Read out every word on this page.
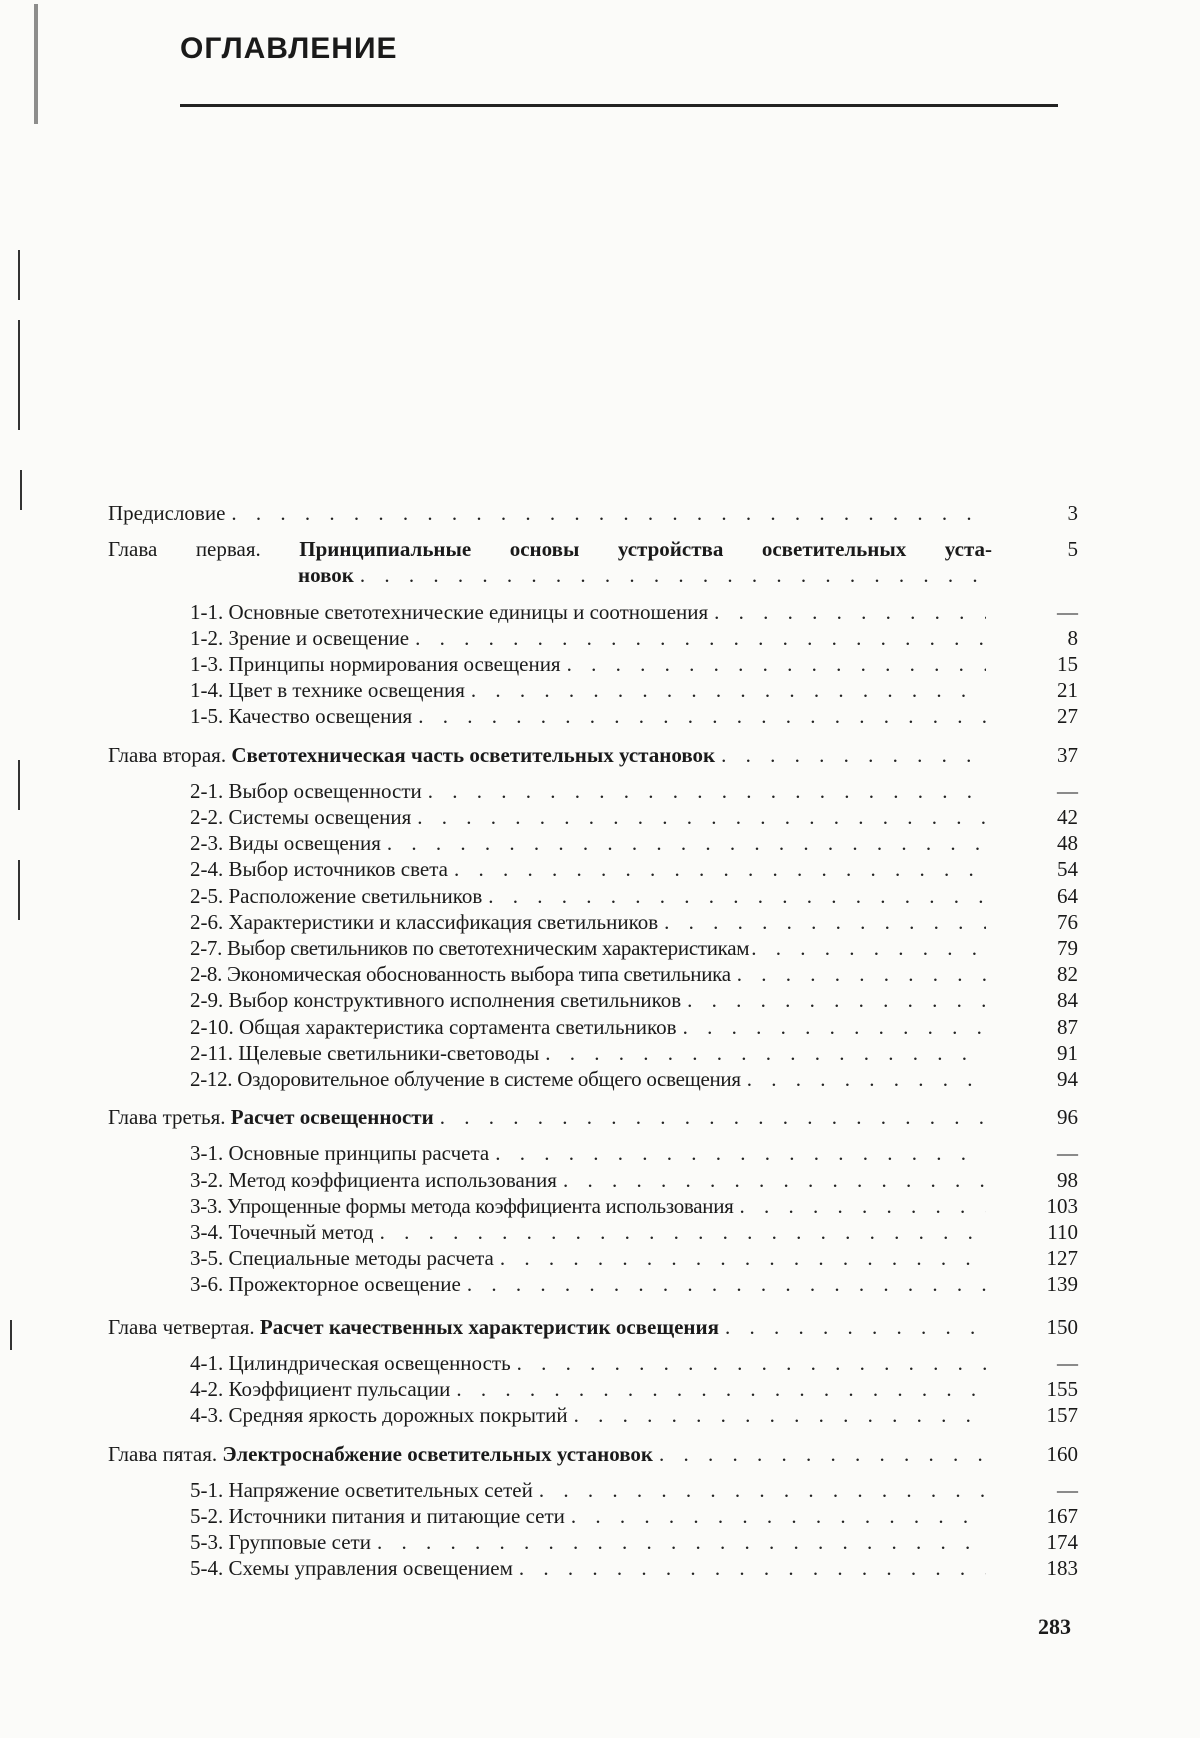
ОГЛАВЛЕНИЕ
Предисловие . . .	3
Глава первая. Принципиальные основы устройства осветительных уста-	5
новок
. . .
1-1. Основные светотехнические единицы и соотношения . . .	—
1-2. Зрение и освещение . . .	8
1-3. Принципы нормирования освещения . . .	15
1-4. Цвет в технике освещения . . .	21
1-5. Качество освещения . . .	27
Глава вторая. Светотехническая часть осветительных установок . . .	37
2-1. Выбор освещенности . . .	—
2-2. Системы освещения . . .	42
2-3. Виды освещения . . .	48
2-4. Выбор источников света . . .	54
2-5. Расположение светильников . . .	64
2-6. Характеристики и классификация светильников . . .	76
2-7. Выбор светильников по светотехническим характеристикам . . .	79
2-8. Экономическая обоснованность выбора типа светильника . . .	82
2-9. Выбор конструктивного исполнения светильников . . .	84
2-10. Общая характеристика сортамента светильников . . .	87
2-11. Щелевые светильники-световоды . . .	91
2-12. Оздоровительное облучение в системе общего освещения . . .	94
Глава третья. Расчет освещенности . . .	96
3-1. Основные принципы расчета . . .	—
3-2. Метод коэффициента использования . . .	98
3-3. Упрощенные формы метода коэффициента использования . . .	103
3-4. Точечный метод . . .	110
3-5. Специальные методы расчета . . .	127
3-6. Прожекторное освещение . . .	139
Глава четвертая. Расчет качественных характеристик освещения . . .	150
4-1. Цилиндрическая освещенность . . .	—
4-2. Коэффициент пульсации . . .	155
4-3. Средняя яркость дорожных покрытий . . .	157
Глава пятая. Электроснабжение осветительных установок . . .	160
5-1. Напряжение осветительных сетей . . .	—
5-2. Источники питания и питающие сети . . .	167
5-3. Групповые сети . . .	174
5-4. Схемы управления освещением . . .	183
283
